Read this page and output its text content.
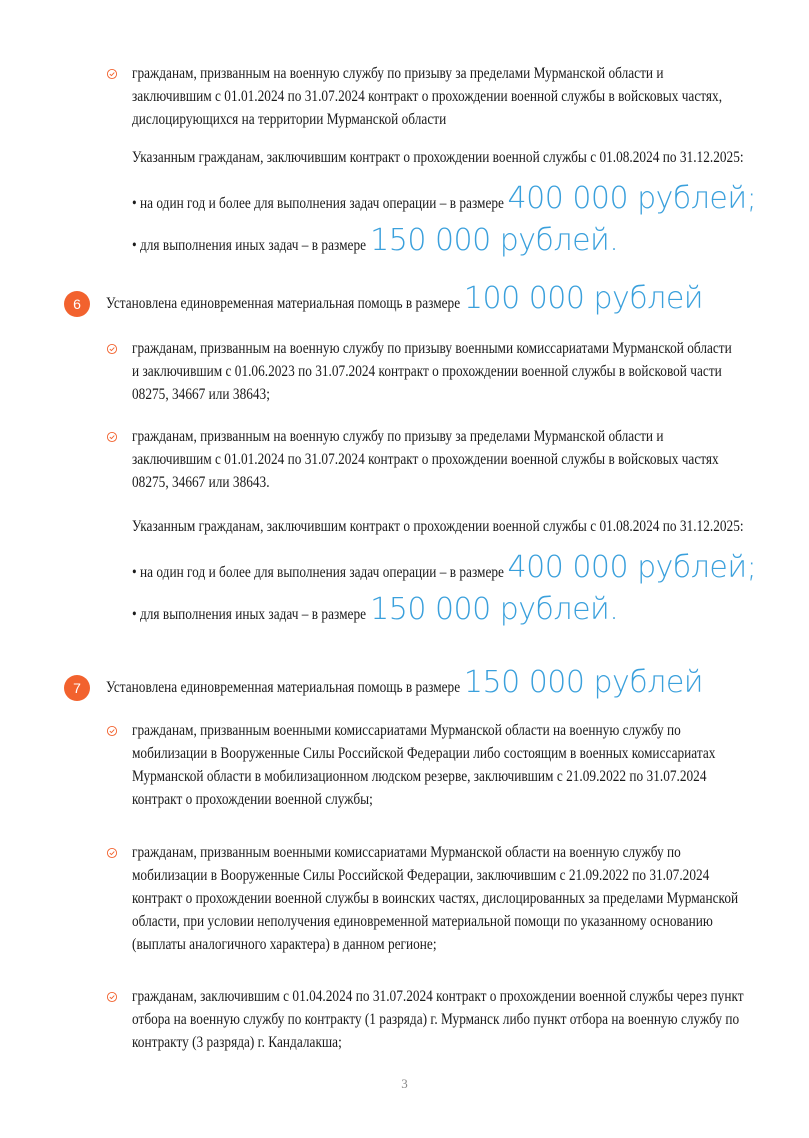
гражданам, призванным на военную службу по призыву за пределами Мурманской области и заключившим с 01.01.2024 по 31.07.2024 контракт о прохождении военной службы в войсковых частях, дислоцирующихся на территории Мурманской области
Указанным гражданам, заключившим контракт о прохождении военной службы с 01.08.2024 по 31.12.2025:
• на один год и более для выполнения задач операции – в размере 400 000 рублей;
• для выполнения иных задач – в размере 150 000 рублей.
6	Установлена единовременная материальная помощь в размере 100 000 рублей
гражданам, призванным на военную службу по призыву военными комиссариатами Мурманской области и заключившим с 01.06.2023 по 31.07.2024 контракт о прохождении военной службы в войсковой части 08275, 34667 или 38643;
гражданам, призванным на военную службу по призыву за пределами Мурманской области и заключившим с 01.01.2024 по 31.07.2024 контракт о прохождении военной службы в войсковых частях 08275, 34667 или 38643.
Указанным гражданам, заключившим контракт о прохождении военной службы с 01.08.2024 по 31.12.2025:
• на один год и более для выполнения задач операции – в размере 400 000 рублей;
• для выполнения иных задач – в размере 150 000 рублей.
7	Установлена единовременная материальная помощь в размере 150 000 рублей
гражданам, призванным военными комиссариатами Мурманской области на военную службу по мобилизации в Вооруженные Силы Российской Федерации либо состоящим в военных комиссариатах Мурманской области в мобилизационном людском резерве, заключившим с 21.09.2022 по 31.07.2024 контракт о прохождении военной службы;
гражданам, призванным военными комиссариатами Мурманской области на военную службу по мобилизации в Вооруженные Силы Российской Федерации, заключившим с 21.09.2022 по 31.07.2024 контракт о прохождении военной службы в воинских частях, дислоцированных за пределами Мурманской области, при условии неполучения единовременной материальной помощи по указанному основанию (выплаты аналогичного характера) в данном регионе;
гражданам, заключившим с 01.04.2024 по 31.07.2024 контракт о прохождении военной службы через пункт отбора на военную службу по контракту (1 разряда) г. Мурманск либо пункт отбора на военную службу по контракту (3 разряда) г. Кандалакша;
3
